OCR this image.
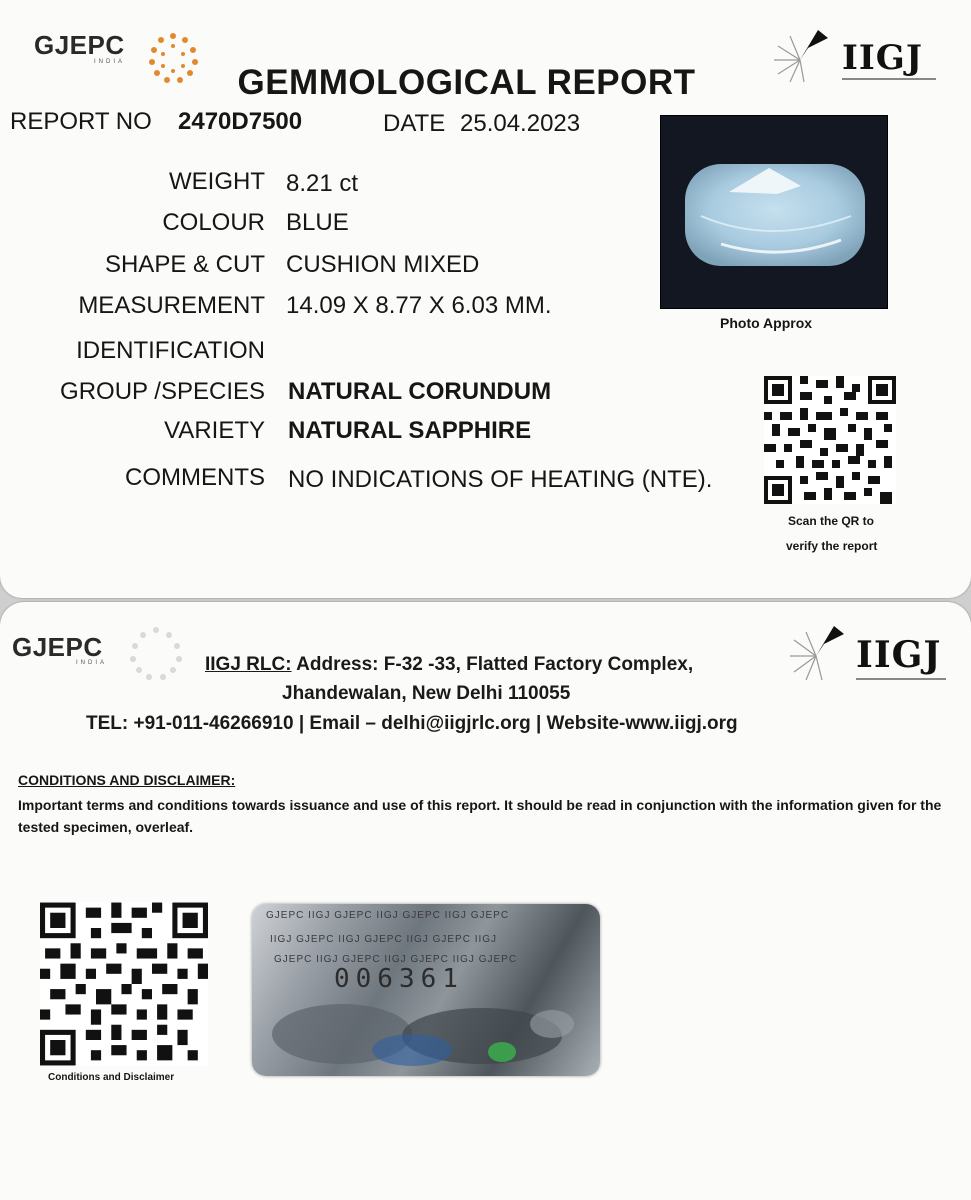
GJEPC
INDIA	IIGJ
GEMMOLOGICAL REPORT
REPORT NO 2470D7500	DATE 25.04.2023
WEIGHT 8.21 ct
COLOUR BLUE
SHAPE & CUT CUSHION MIXED
MEASUREMENT 14.09 X 8.77 X 6.03 MM.
IDENTIFICATION
GROUP /SPECIES NATURAL CORUNDUM
VARIETY NATURAL SAPPHIRE
COMMENTS NO INDICATIONS OF HEATING (NTE).
Photo Approx
Scan the QR to
verify the report
GJEPC
INDIA	IIGJ
IIGJ RLC: Address: F-32 -33, Flatted Factory Complex,
Jhandewalan, New Delhi 110055
TEL: +91-011-46266910 | Email – delhi@iigjrlc.org | Website-www.iigj.org
CONDITIONS AND DISCLAIMER:
Important terms and conditions towards issuance and use of this report. It should be read in conjunction with the information given for the tested specimen, overleaf.
Conditions and Disclaimer
GJEPC IIGJ GJEPC IIGJ GJEPC IIGJ GJEPC
IIGJ GJEPC IIGJ GJEPC IIGJ GJEPC IIGJ
GJEPC IIGJ GJEPC IIGJ GJEPC IIGJ GJEPC
006361
